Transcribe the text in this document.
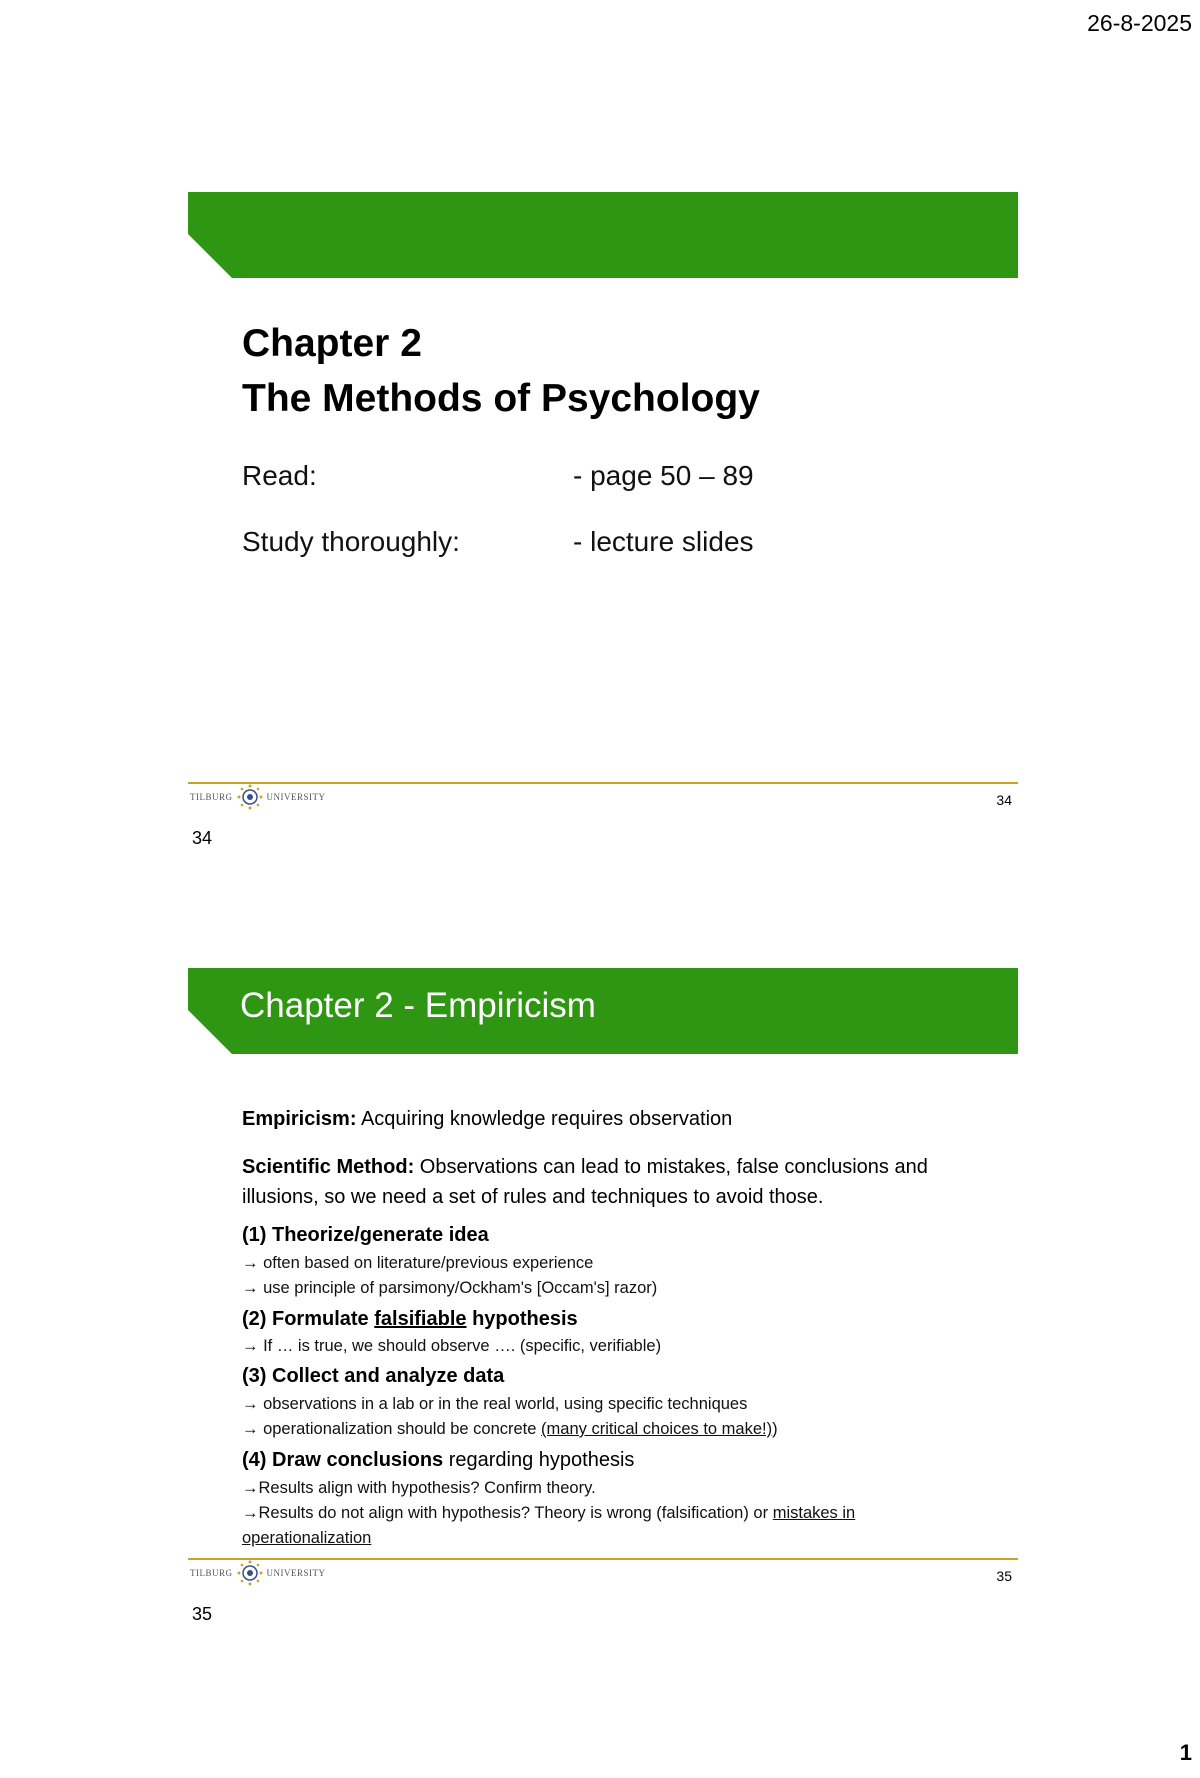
26-8-2025
Chapter 2
The Methods of Psychology
Read:	- page 50 – 89
Study thoroughly:	- lecture slides
TILBURG	UNIVERSITY	34
34
Chapter 2 - Empiricism
Empiricism: Acquiring knowledge requires observation
Scientific Method: Observations can lead to mistakes, false conclusions and illusions, so we need a set of rules and techniques to avoid those.
(1) Theorize/generate idea
→ often based on literature/previous experience
→ use principle of parsimony/Ockham's [Occam's] razor)
(2) Formulate falsifiable hypothesis
→ If … is true, we should observe …. (specific, verifiable)
(3) Collect and analyze data
→ observations in a lab or in the real world, using specific techniques
→ operationalization should be concrete (many critical choices to make!))
(4) Draw conclusions regarding hypothesis
→Results align with hypothesis? Confirm theory.
→Results do not align with hypothesis? Theory is wrong (falsification) or mistakes in operationalization
TILBURG	UNIVERSITY	35
35
1
